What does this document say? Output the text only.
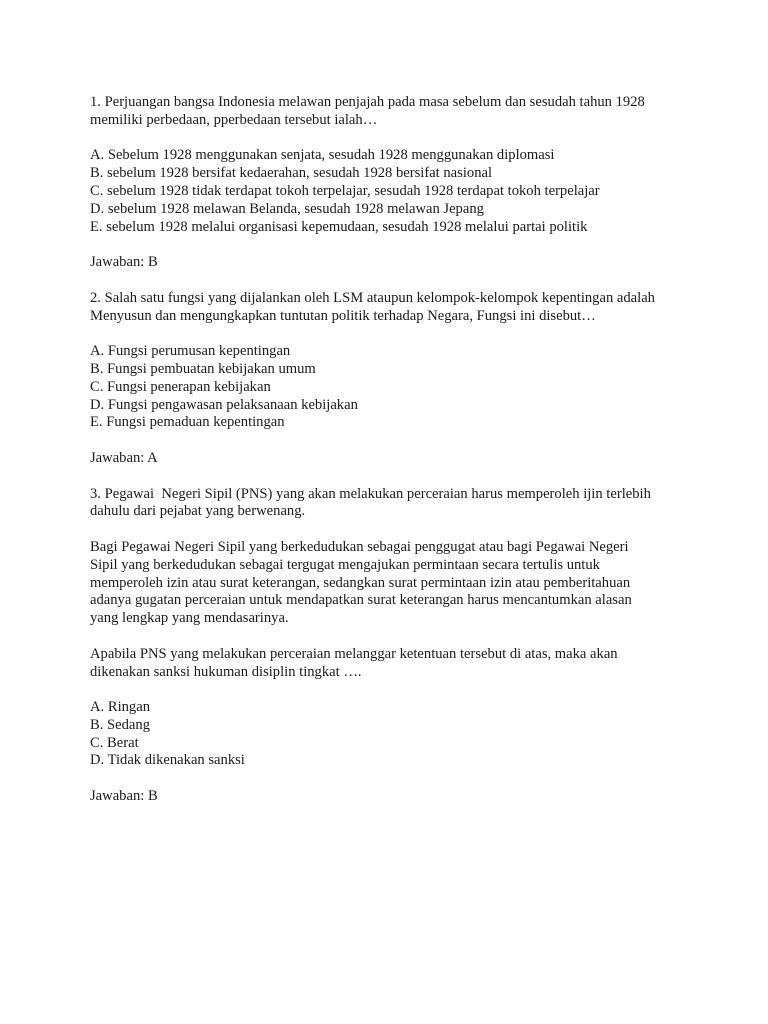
1. Perjuangan bangsa Indonesia melawan penjajah pada masa sebelum dan sesudah tahun 1928
memiliki perbedaan, pperbedaan tersebut ialah…
A. Sebelum 1928 menggunakan senjata, sesudah 1928 menggunakan diplomasi
B. sebelum 1928 bersifat kedaerahan, sesudah 1928 bersifat nasional
C. sebelum 1928 tidak terdapat tokoh terpelajar, sesudah 1928 terdapat tokoh terpelajar
D. sebelum 1928 melawan Belanda, sesudah 1928 melawan Jepang
E. sebelum 1928 melalui organisasi kepemudaan, sesudah 1928 melalui partai politik
Jawaban: B
2. Salah satu fungsi yang dijalankan oleh LSM ataupun kelompok-kelompok kepentingan adalah
Menyusun dan mengungkapkan tuntutan politik terhadap Negara, Fungsi ini disebut…
A. Fungsi perumusan kepentingan
B. Fungsi pembuatan kebijakan umum
C. Fungsi penerapan kebijakan
D. Fungsi pengawasan pelaksanaan kebijakan
E. Fungsi pemaduan kepentingan
Jawaban: A
3. Pegawai  Negeri Sipil (PNS) yang akan melakukan perceraian harus memperoleh ijin terlebih
dahulu dari pejabat yang berwenang.
Bagi Pegawai Negeri Sipil yang berkedudukan sebagai penggugat atau bagi Pegawai Negeri
Sipil yang berkedudukan sebagai tergugat mengajukan permintaan secara tertulis untuk
memperoleh izin atau surat keterangan, sedangkan surat permintaan izin atau pemberitahuan
adanya gugatan perceraian untuk mendapatkan surat keterangan harus mencantumkan alasan
yang lengkap yang mendasarinya.
Apabila PNS yang melakukan perceraian melanggar ketentuan tersebut di atas, maka akan
dikenakan sanksi hukuman disiplin tingkat ….
A. Ringan
B. Sedang
C. Berat
D. Tidak dikenakan sanksi
Jawaban: B
